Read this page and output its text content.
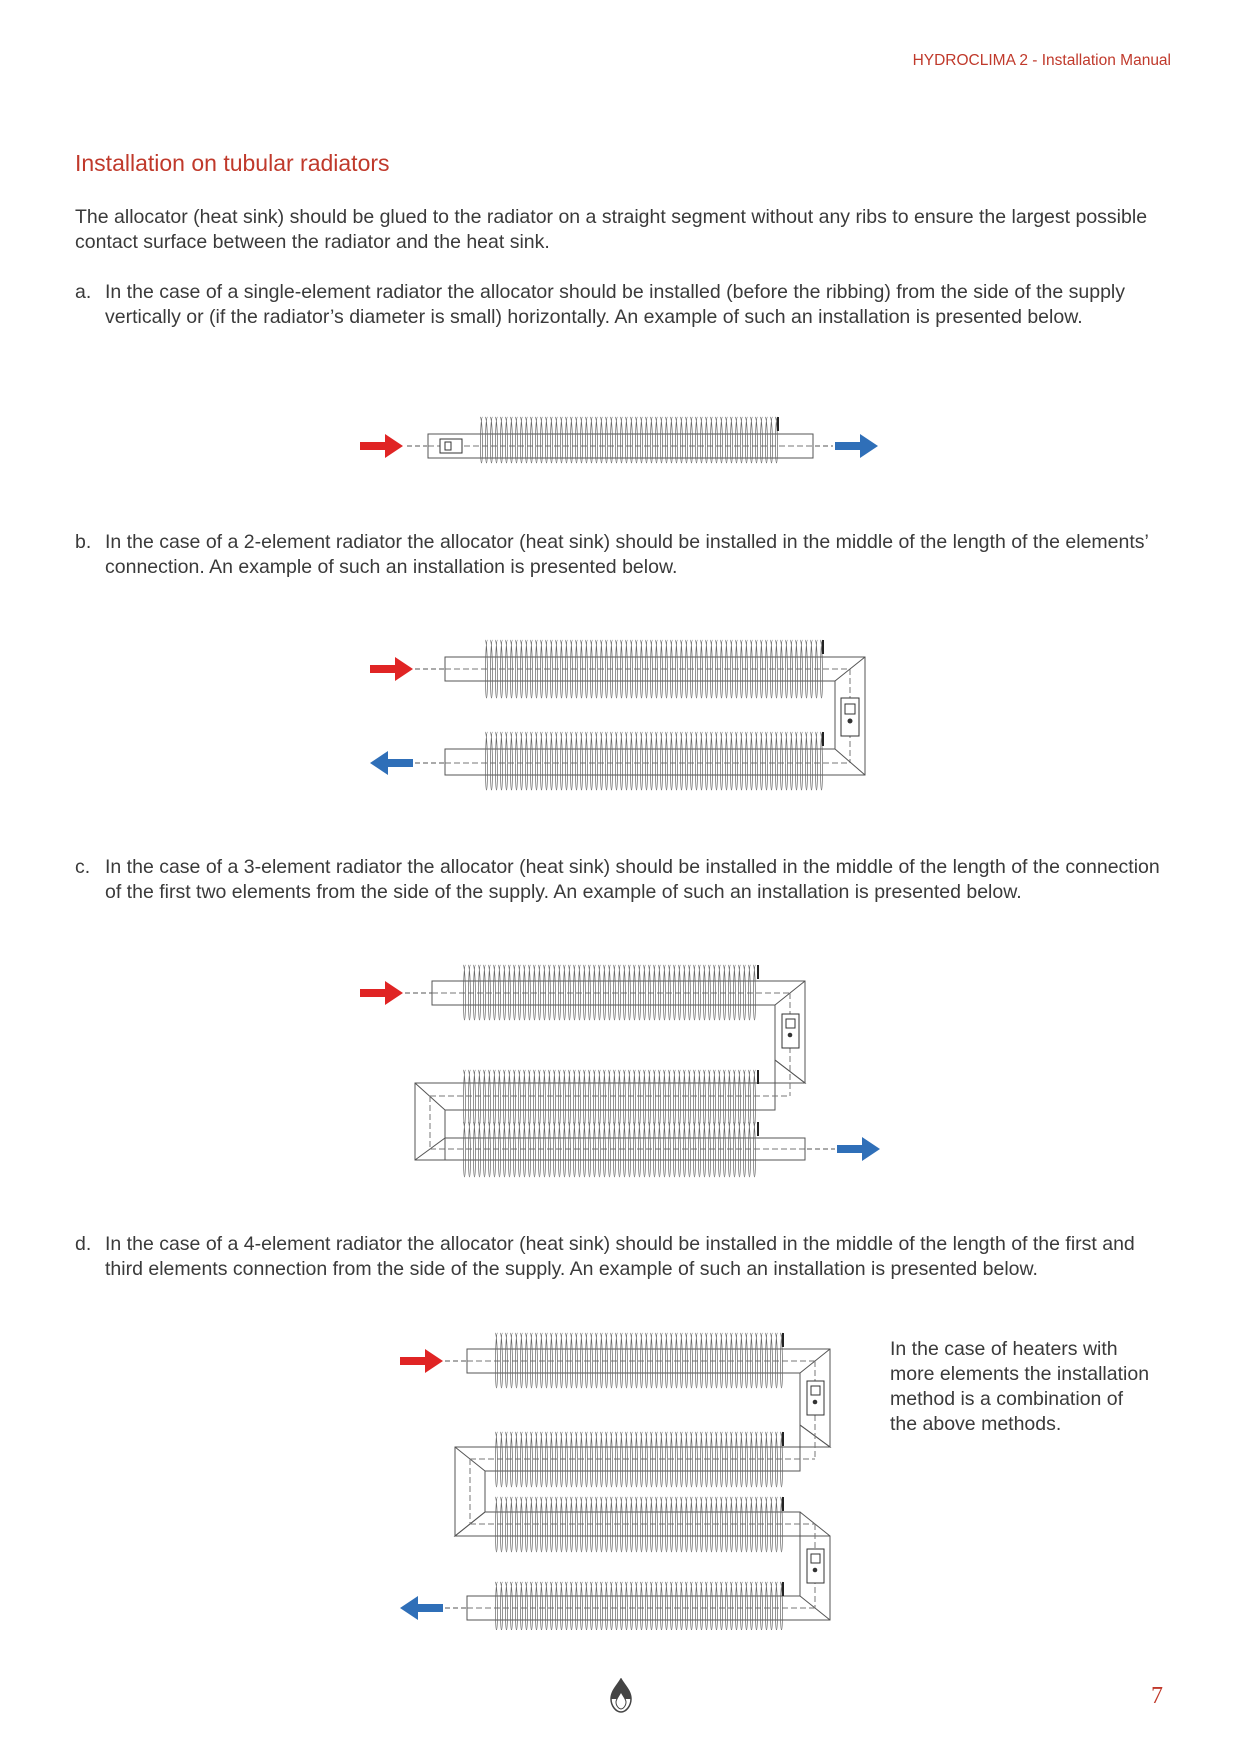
HYDROCLIMA 2 - Installation Manual
Installation on tubular radiators

The allocator (heat sink) should be glued to the radiator on a straight segment without any ribs to ensure the largest possible contact surface between the radiator and the heat sink.

a. In the case of a single-element radiator the allocator should be installed (before the ribbing) from the side of the supply vertically or (if the radiator’s diameter is small) horizontally. An example of such an installation is presented below.

b. In the case of a 2-element radiator the allocator (heat sink) should be installed in the middle of the length of the elements’ connection. An example of such an installation is presented below.

c. In the case of a 3-element radiator the allocator (heat sink) should be installed in the middle of the length of the connection of the first two elements from the side of the supply. An example of such an installation is presented below.

d. In the case of a 4-element radiator the allocator (heat sink) should be installed in the middle of the length of the first and third elements connection from the side of the supply. An example of such an installation is presented below.

In the case of heaters with more elements the installation method is a combination of the above methods.

7
